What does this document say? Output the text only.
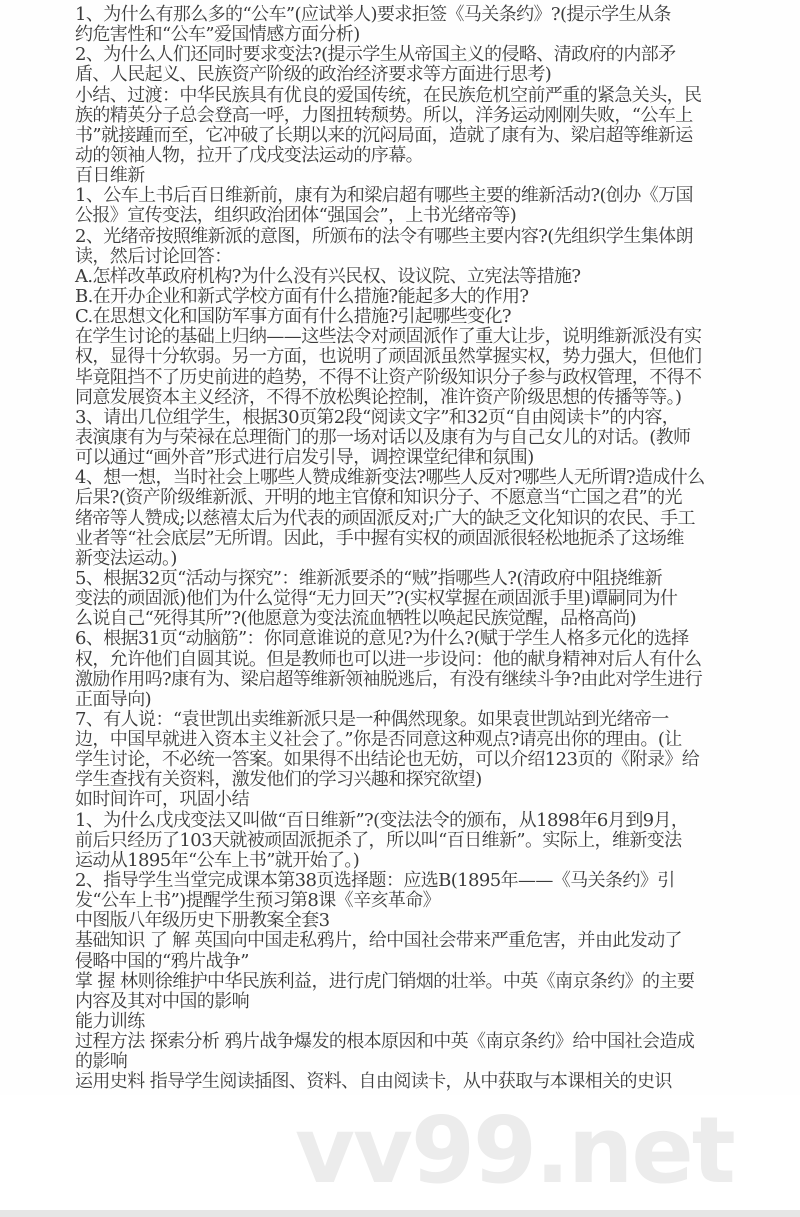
vv99.net
1、为什么有那么多的“公车”(应试举人)要求拒签《马关条约》?(提示学生从条
约危害性和“公车”爱国情感方面分析)
2、为什么人们还同时要求变法?(提示学生从帝国主义的侵略、清政府的内部矛
盾、人民起义、民族资产阶级的政治经济要求等方面进行思考)
小结、过渡：中华民族具有优良的爱国传统，在民族危机空前严重的紧急关头，民
族的精英分子总会登高一呼，力图扭转颓势。所以，洋务运动刚刚失败，“公车上
书”就接踵而至，它冲破了长期以来的沉闷局面，造就了康有为、梁启超等维新运
动的领袖人物，拉开了戊戌变法运动的序幕。
百日维新
1、公车上书后百日维新前，康有为和梁启超有哪些主要的维新活动?(创办《万国
公报》宣传变法，组织政治团体“强国会”，上书光绪帝等)
2、光绪帝按照维新派的意图，所颁布的法令有哪些主要内容?(先组织学生集体朗
读，然后讨论回答：
A.怎样改革政府机构?为什么没有兴民权、设议院、立宪法等措施?
B.在开办企业和新式学校方面有什么措施?能起多大的作用?
C.在思想文化和国防军事方面有什么措施?引起哪些变化?
在学生讨论的基础上归纳——这些法令对顽固派作了重大让步，说明维新派没有实
权，显得十分软弱。另一方面，也说明了顽固派虽然掌握实权，势力强大，但他们
毕竟阻挡不了历史前进的趋势，不得不让资产阶级知识分子参与政权管理，不得不
同意发展资本主义经济，不得不放松舆论控制，准许资产阶级思想的传播等等。)
3、请出几位组学生，根据30页第2段“阅读文字”和32页“自由阅读卡”的内容，
表演康有为与荣禄在总理衙门的那一场对话以及康有为与自己女儿的对话。(教师
可以通过“画外音”形式进行启发引导，调控课堂纪律和氛围)
4、想一想，当时社会上哪些人赞成维新变法?哪些人反对?哪些人无所谓?造成什么
后果?(资产阶级维新派、开明的地主官僚和知识分子、不愿意当“亡国之君”的光
绪帝等人赞成;以慈禧太后为代表的顽固派反对;广大的缺乏文化知识的农民、手工
业者等“社会底层”无所谓。因此，手中握有实权的顽固派很轻松地扼杀了这场维
新变法运动。)
5、根据32页“活动与探究”：维新派要杀的“贼”指哪些人?(清政府中阻挠维新
变法的顽固派)他们为什么觉得“无力回天”?(实权掌握在顽固派手里)谭嗣同为什
么说自己“死得其所”?(他愿意为变法流血牺牲以唤起民族觉醒，品格高尚)
6、根据31页“动脑筋”：你同意谁说的意见?为什么?(赋于学生人格多元化的选择
权，允许他们自圆其说。但是教师也可以进一步设问：他的献身精神对后人有什么
激励作用吗?康有为、梁启超等维新领袖脱逃后，有没有继续斗争?由此对学生进行
正面导向)
7、有人说：“袁世凯出卖维新派只是一种偶然现象。如果袁世凯站到光绪帝一
边，中国早就进入资本主义社会了。”你是否同意这种观点?请亮出你的理由。(让
学生讨论，不必统一答案。如果得不出结论也无妨，可以介绍123页的《附录》给
学生查找有关资料，激发他们的学习兴趣和探究欲望)
如时间许可，巩固小结
1、为什么戊戌变法又叫做“百日维新”?(变法法令的颁布，从1898年6月到9月，
前后只经历了103天就被顽固派扼杀了，所以叫“百日维新”。实际上，维新变法
运动从1895年“公车上书”就开始了。)
2、指导学生当堂完成课本第38页选择题：应选B(1895年——《马关条约》引
发“公车上书”)提醒学生预习第8课《辛亥革命》
中图版八年级历史下册教案全套3
基础知识 了 解 英国向中国走私鸦片，给中国社会带来严重危害，并由此发动了
侵略中国的“鸦片战争”
掌 握 林则徐维护中华民族利益，进行虎门销烟的壮举。中英《南京条约》的主要
内容及其对中国的影响
能力训练
过程方法 探索分析 鸦片战争爆发的根本原因和中英《南京条约》给中国社会造成
的影响
运用史料 指导学生阅读插图、资料、自由阅读卡，从中获取与本课相关的史识
